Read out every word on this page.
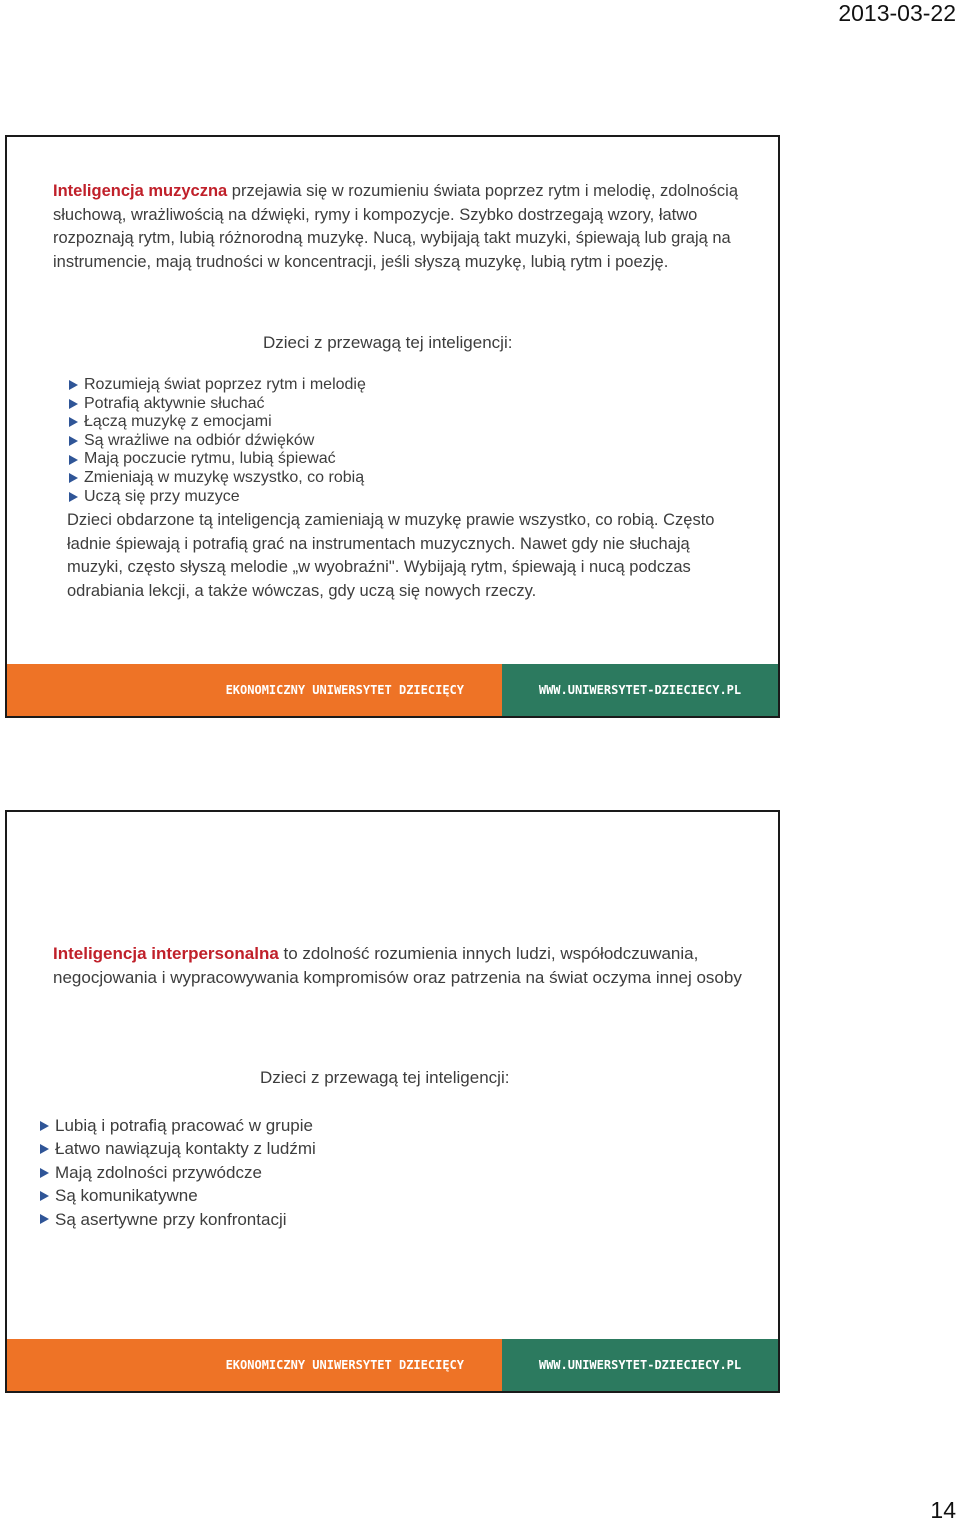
2013-03-22
Inteligencja muzyczna przejawia się w rozumieniu świata poprzez rytm i melodię, zdolnością słuchową, wrażliwością na dźwięki, rymy i kompozycje. Szybko dostrzegają wzory, łatwo rozpoznają rytm, lubią różnorodną muzykę. Nucą, wybijają takt muzyki, śpiewają lub grają na instrumencie, mają trudności w koncentracji, jeśli słyszą muzykę, lubią rytm i poezję.
Dzieci z przewagą tej inteligencji:
Rozumieją świat poprzez rytm i melodię
Potrafią aktywnie słuchać
Łączą muzykę z emocjami
Są wrażliwe na odbiór dźwięków
Mają poczucie rytmu, lubią śpiewać
Zmieniają w muzykę wszystko, co robią
Uczą się przy muzyce
Dzieci obdarzone tą inteligencją zamieniają w muzykę prawie wszystko, co robią. Często ładnie śpiewają i potrafią grać na instrumentach muzycznych. Nawet gdy nie słuchają muzyki, często słyszą melodie „w wyobraźni". Wybijają rytm, śpiewają i nucą podczas odrabiania lekcji, a także wówczas, gdy uczą się nowych rzeczy.
EKONOMICZNY UNIWERSYTET DZIECIĘCY	WWW.UNIWERSYTET-DZIECIECY.PL
Inteligencja interpersonalna to zdolność rozumienia innych ludzi, współodczuwania, negocjowania i wypracowywania kompromisów oraz patrzenia na świat oczyma innej osoby
Dzieci z przewagą tej inteligencji:
Lubią i potrafią pracować w grupie
Łatwo nawiązują kontakty z ludźmi
Mają zdolności przywódcze
Są komunikatywne
Są asertywne przy konfrontacji
EKONOMICZNY UNIWERSYTET DZIECIĘCY	WWW.UNIWERSYTET-DZIECIECY.PL
14
